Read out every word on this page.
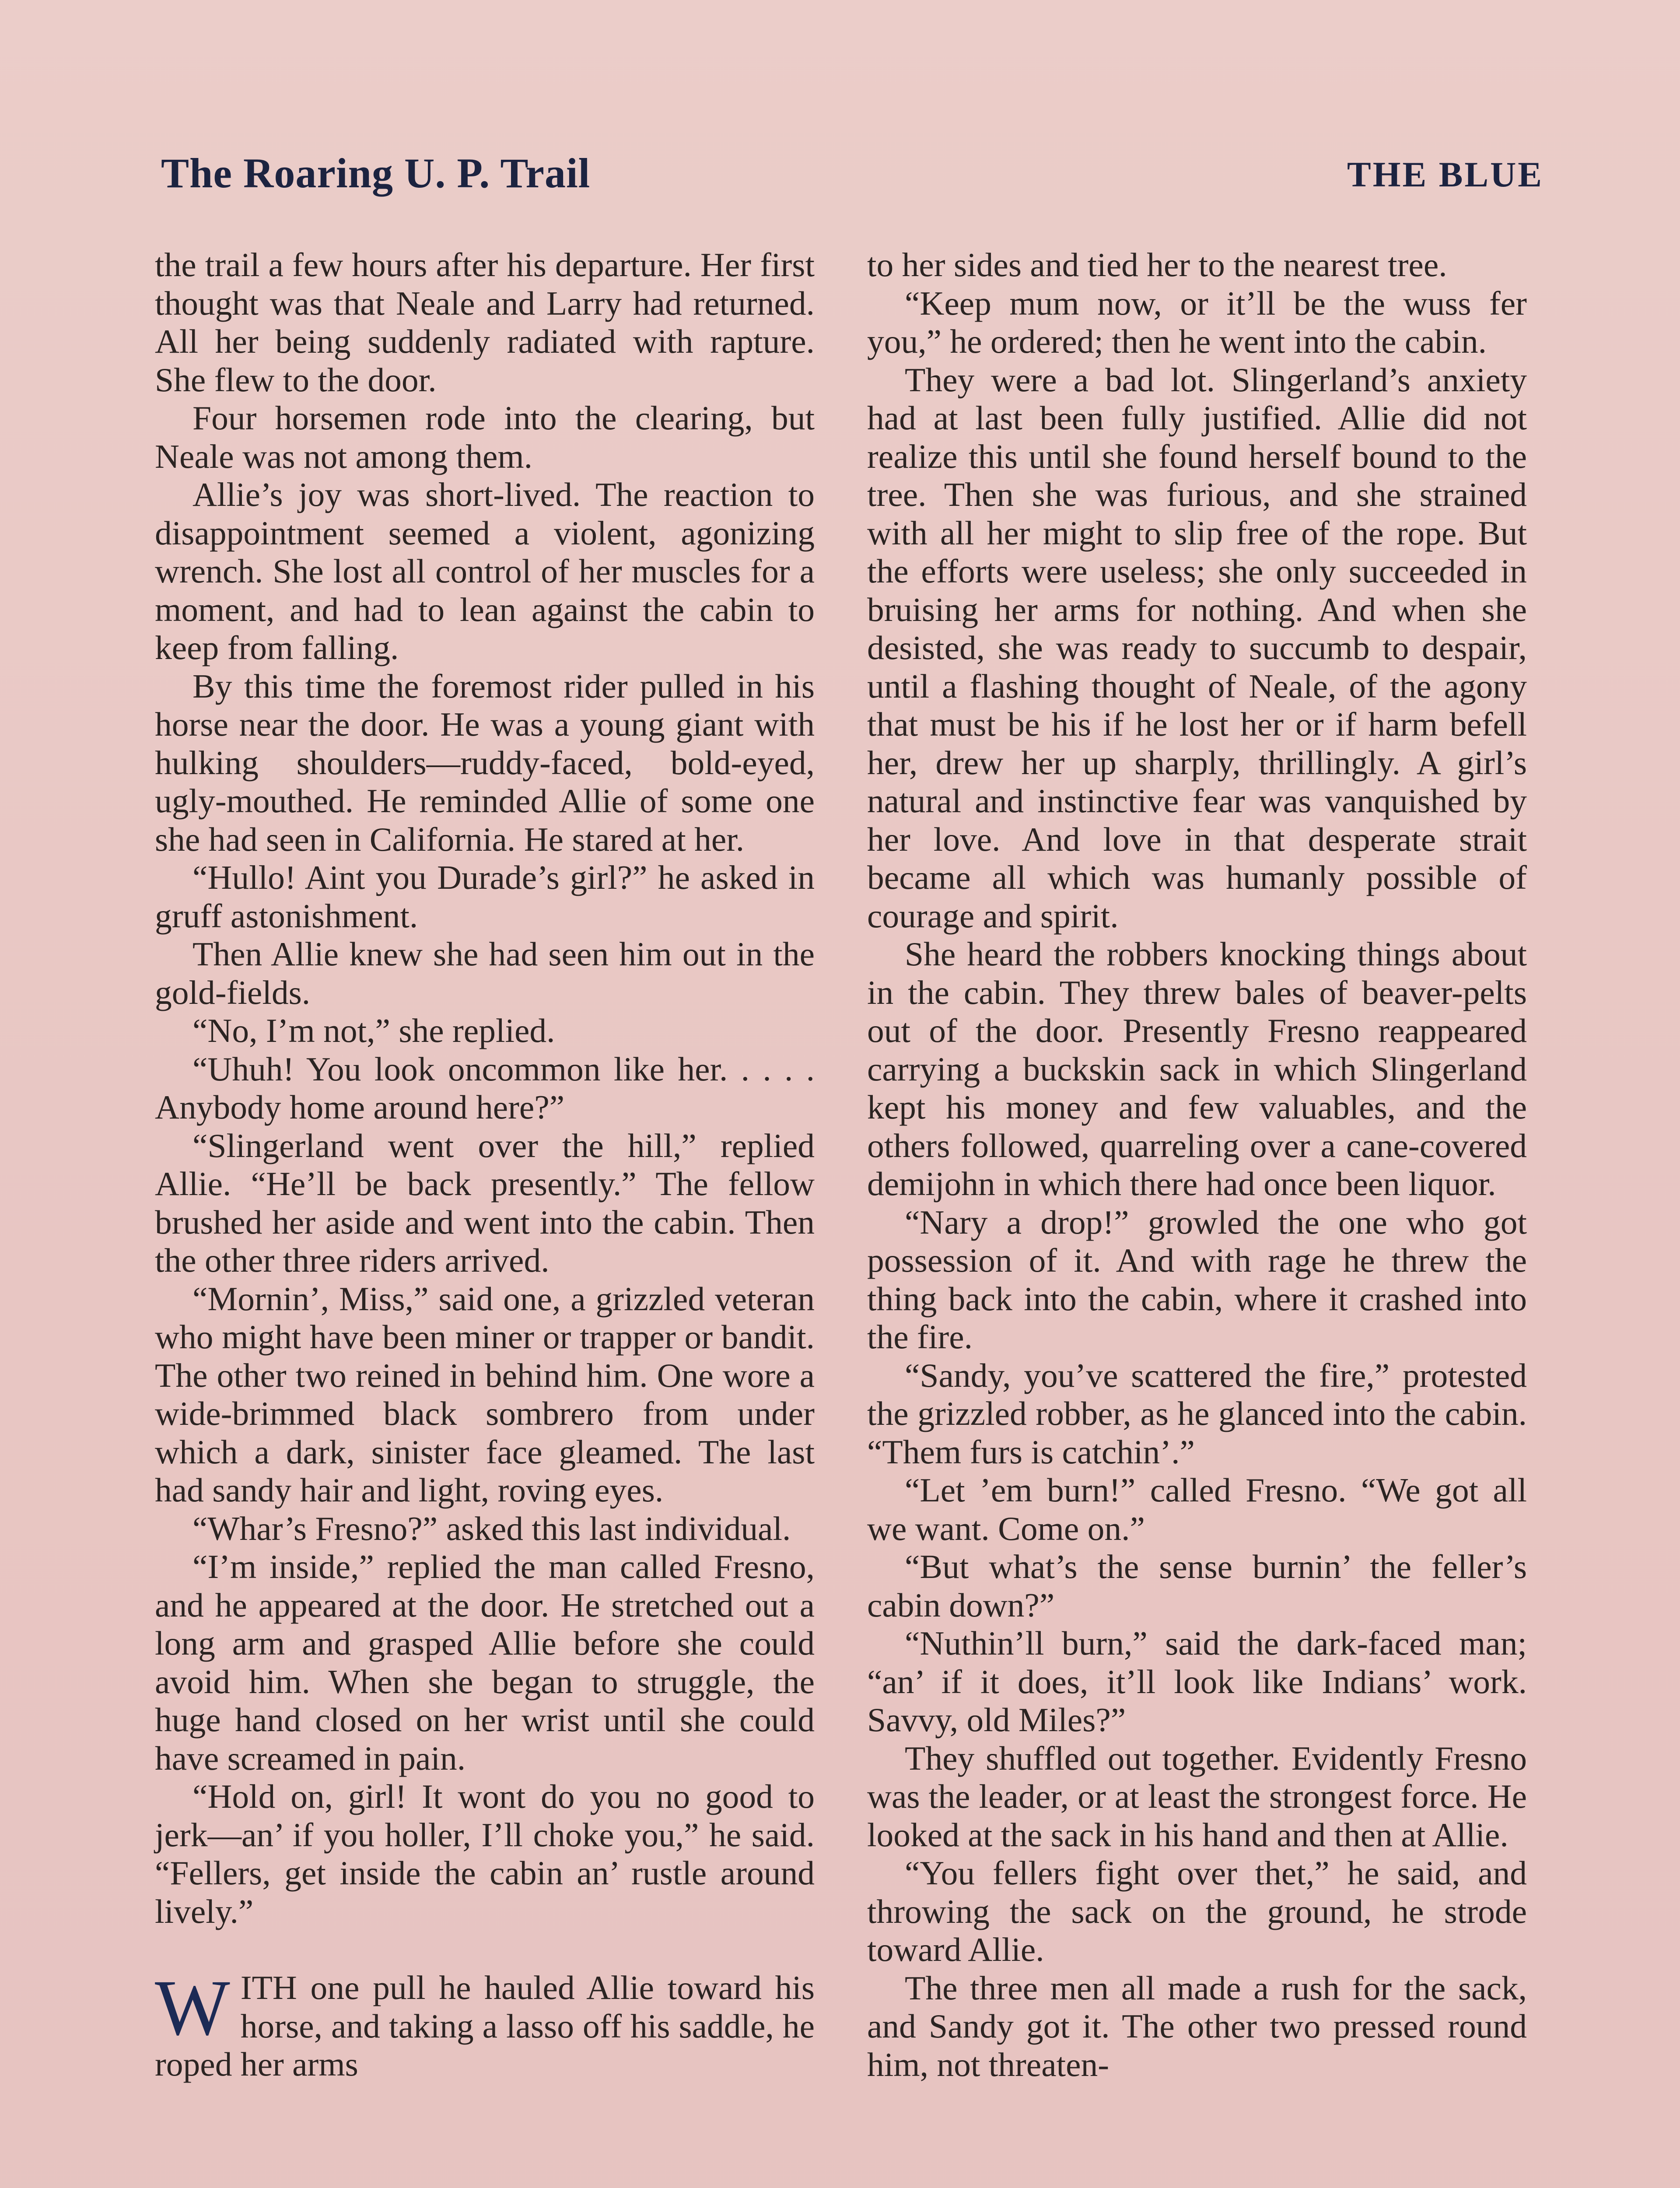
The Roaring U. P. Trail	THE BLUE

the trail a few hours after his departure. Her first thought was that Neale and Larry had returned. All her being suddenly radiated with rapture. She flew to the door.

Four horsemen rode into the clearing, but Neale was not among them.

Allie’s joy was short-lived. The reaction to disappointment seemed a violent, agonizing wrench. She lost all control of her muscles for a moment, and had to lean against the cabin to keep from falling.

By this time the foremost rider pulled in his horse near the door. He was a young giant with hulking shoulders—ruddy-faced, bold-eyed, ugly-mouthed. He reminded Allie of some one she had seen in California. He stared at her.

“Hullo! Aint you Durade’s girl?” he asked in gruff astonishment.

Then Allie knew she had seen him out in the gold-fields.

“No, I’m not,” she replied.

“Uhuh! You look oncommon like her. . . . . Anybody home around here?”

“Slingerland went over the hill,” replied Allie. “He’ll be back presently.” The fellow brushed her aside and went into the cabin. Then the other three riders arrived.

“Mornin’, Miss,” said one, a grizzled veteran who might have been miner or trapper or bandit. The other two reined in behind him. One wore a wide-brimmed black sombrero from under which a dark, sinister face gleamed. The last had sandy hair and light, roving eyes.

“Whar’s Fresno?” asked this last individual.

“I’m inside,” replied the man called Fresno, and he appeared at the door. He stretched out a long arm and grasped Allie before she could avoid him. When she began to struggle, the huge hand closed on her wrist until she could have screamed in pain.

“Hold on, girl! It wont do you no good to jerk—an’ if you holler, I’ll choke you,” he said. “Fellers, get inside the cabin an’ rustle around lively.”

WITH one pull he hauled Allie toward his horse, and taking a lasso off his saddle, he roped her arms

to her sides and tied her to the nearest tree.

“Keep mum now, or it’ll be the wuss fer you,” he ordered; then he went into the cabin.

They were a bad lot. Slingerland’s anxiety had at last been fully justified. Allie did not realize this until she found herself bound to the tree. Then she was furious, and she strained with all her might to slip free of the rope. But the efforts were useless; she only succeeded in bruising her arms for nothing. And when she desisted, she was ready to succumb to despair, until a flashing thought of Neale, of the agony that must be his if he lost her or if harm befell her, drew her up sharply, thrillingly. A girl’s natural and instinctive fear was vanquished by her love. And love in that desperate strait became all which was humanly possible of courage and spirit.

She heard the robbers knocking things about in the cabin. They threw bales of beaver-pelts out of the door. Presently Fresno reappeared carrying a buckskin sack in which Slingerland kept his money and few valuables, and the others followed, quarreling over a cane-covered demijohn in which there had once been liquor.

“Nary a drop!” growled the one who got possession of it. And with rage he threw the thing back into the cabin, where it crashed into the fire.

“Sandy, you’ve scattered the fire,” protested the grizzled robber, as he glanced into the cabin. “Them furs is catchin’.”

“Let ’em burn!” called Fresno. “We got all we want. Come on.”

“But what’s the sense burnin’ the feller’s cabin down?”

“Nuthin’ll burn,” said the dark-faced man; “an’ if it does, it’ll look like Indians’ work. Savvy, old Miles?”

They shuffled out together. Evidently Fresno was the leader, or at least the strongest force. He looked at the sack in his hand and then at Allie.

“You fellers fight over thet,” he said, and throwing the sack on the ground, he strode toward Allie.

The three men all made a rush for the sack, and Sandy got it. The other two pressed round him, not threaten-
